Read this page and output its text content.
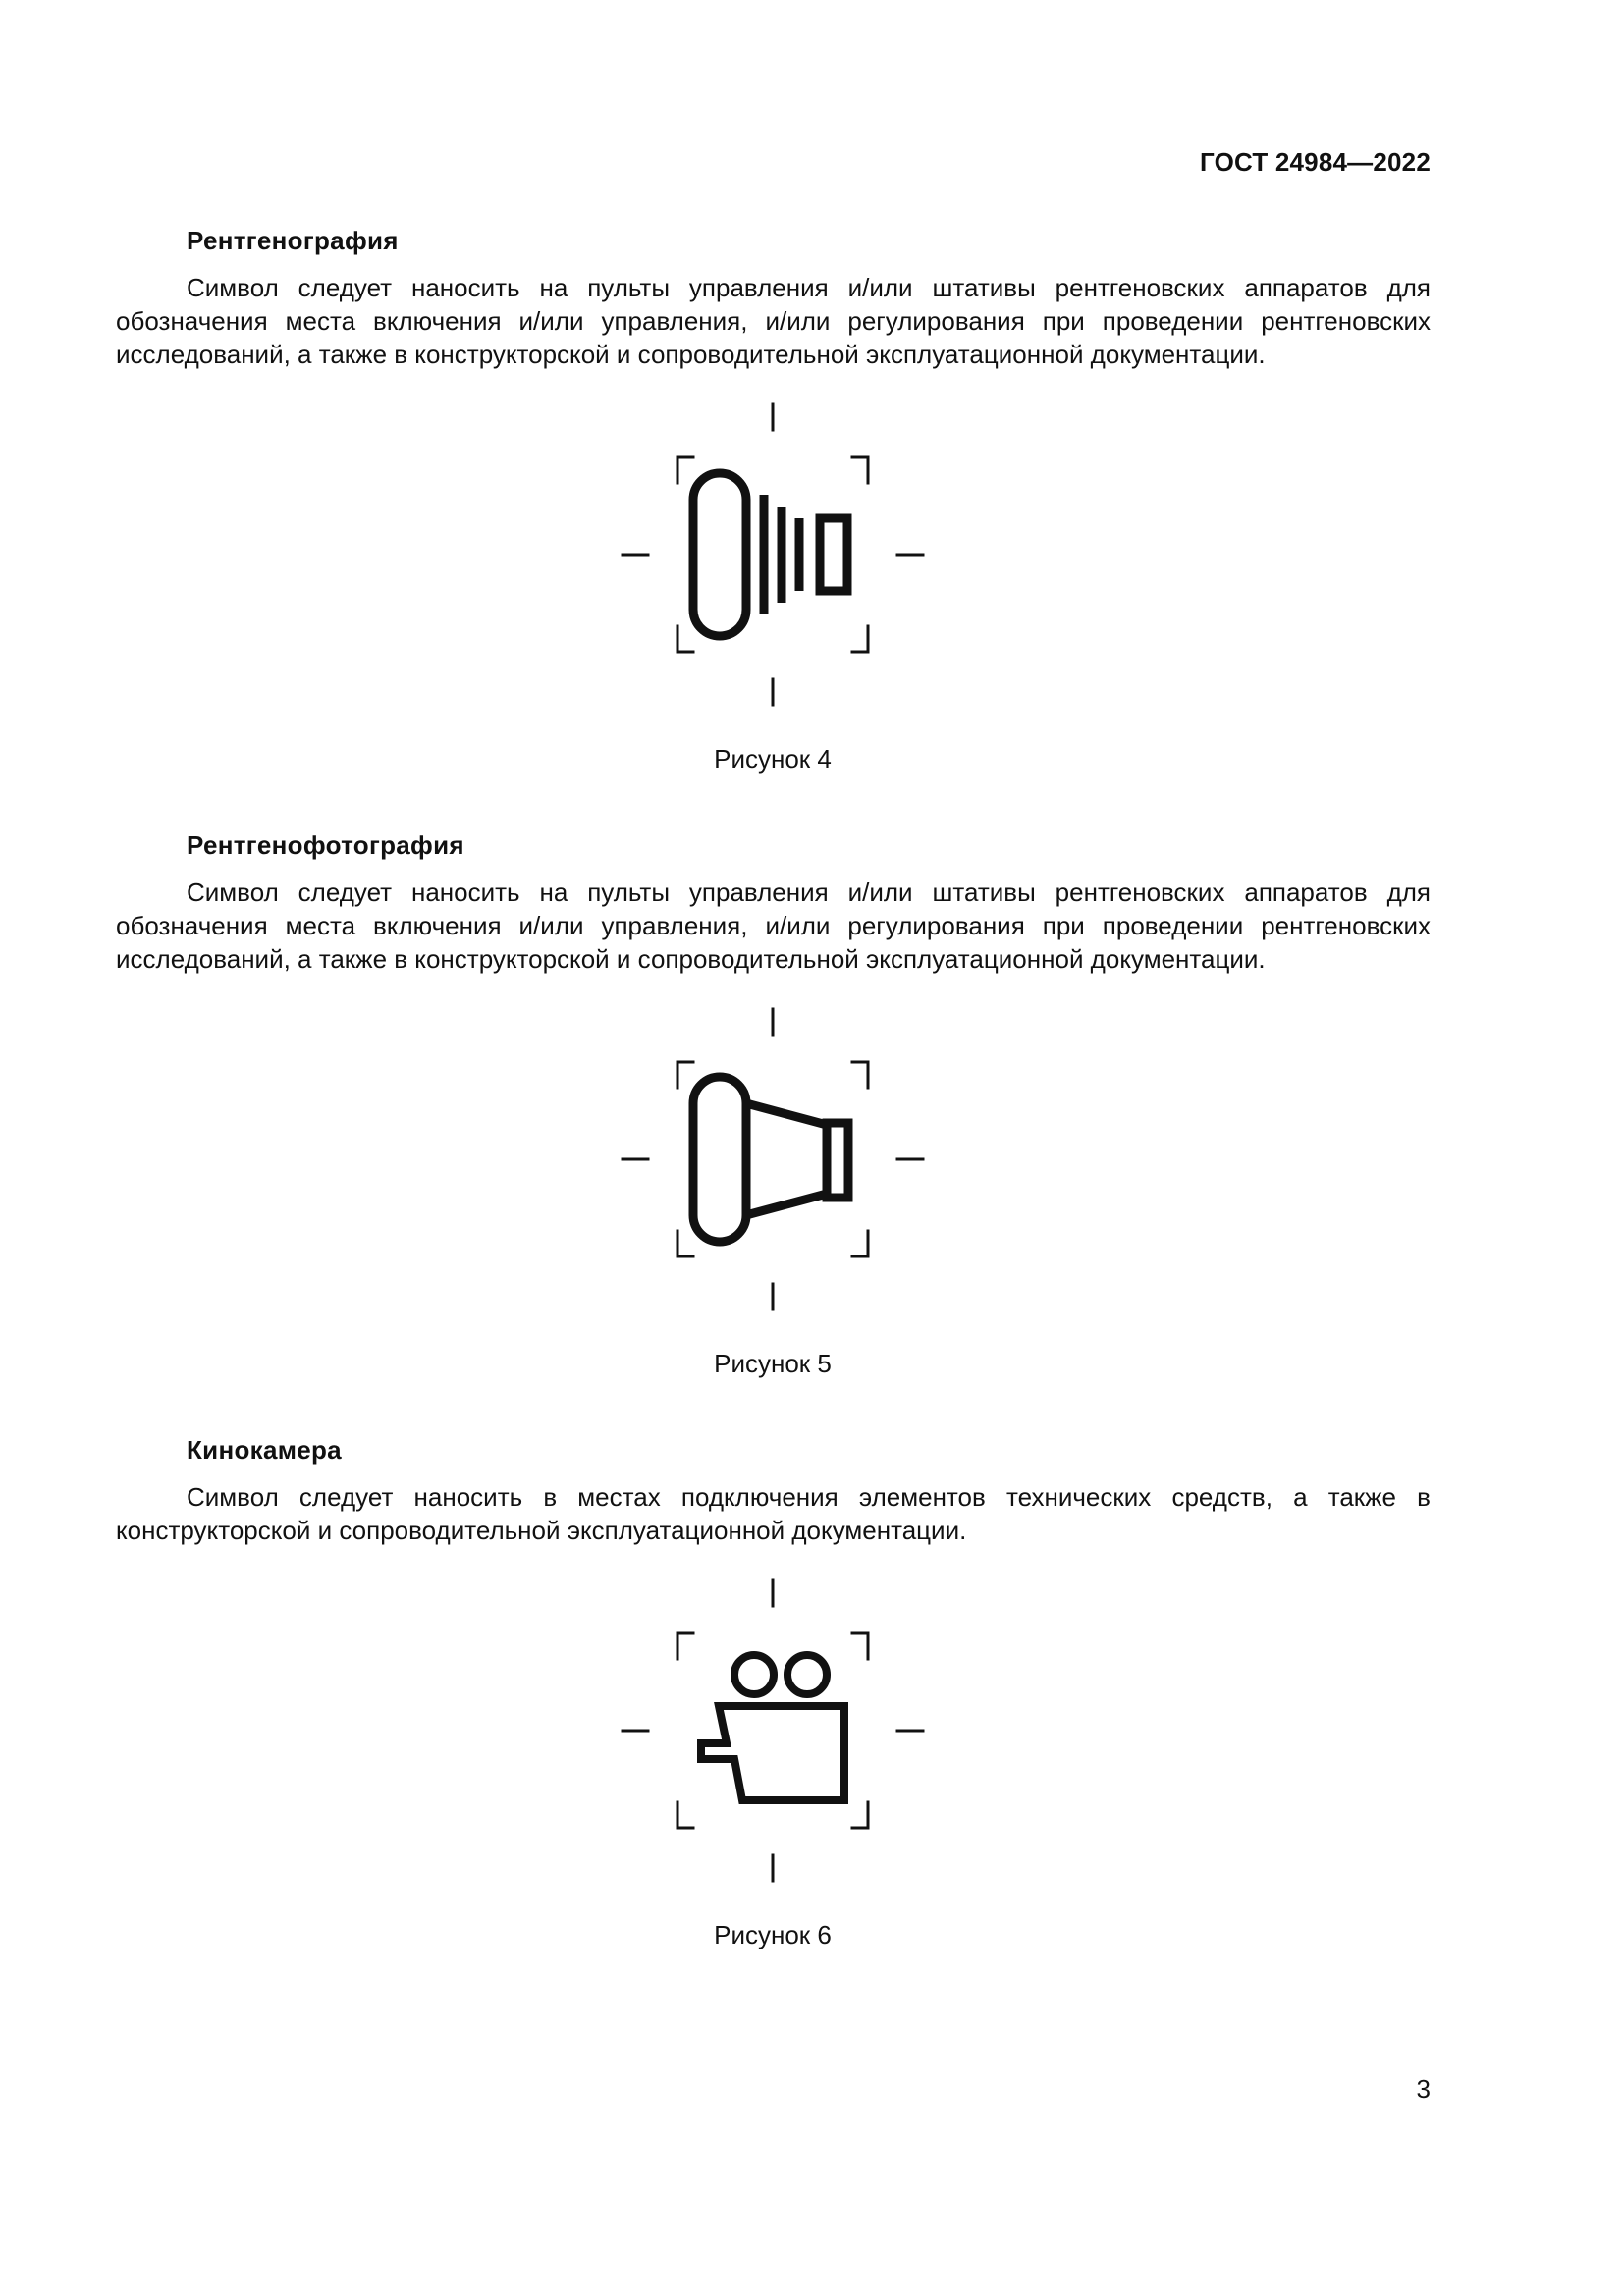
ГОСТ 24984—2022
Рентгенография
Символ следует наносить на пульты управления и/или штативы рентгеновских аппаратов для обозначения места включения и/или управления, и/или регулирования при проведении рентгеновских исследований, а также в конструкторской и сопроводительной эксплуатационной документации.
Рисунок 4
Рентгенофотография
Символ следует наносить на пульты управления и/или штативы рентгеновских аппаратов для обозначения места включения и/или управления, и/или регулирования при проведении рентгеновских исследований, а также в конструкторской и сопроводительной эксплуатационной документации.
Рисунок 5
Кинокамера
Символ следует наносить в местах подключения элементов технических средств, а также в конструкторской и сопроводительной эксплуатационной документации.
Рисунок 6
3
